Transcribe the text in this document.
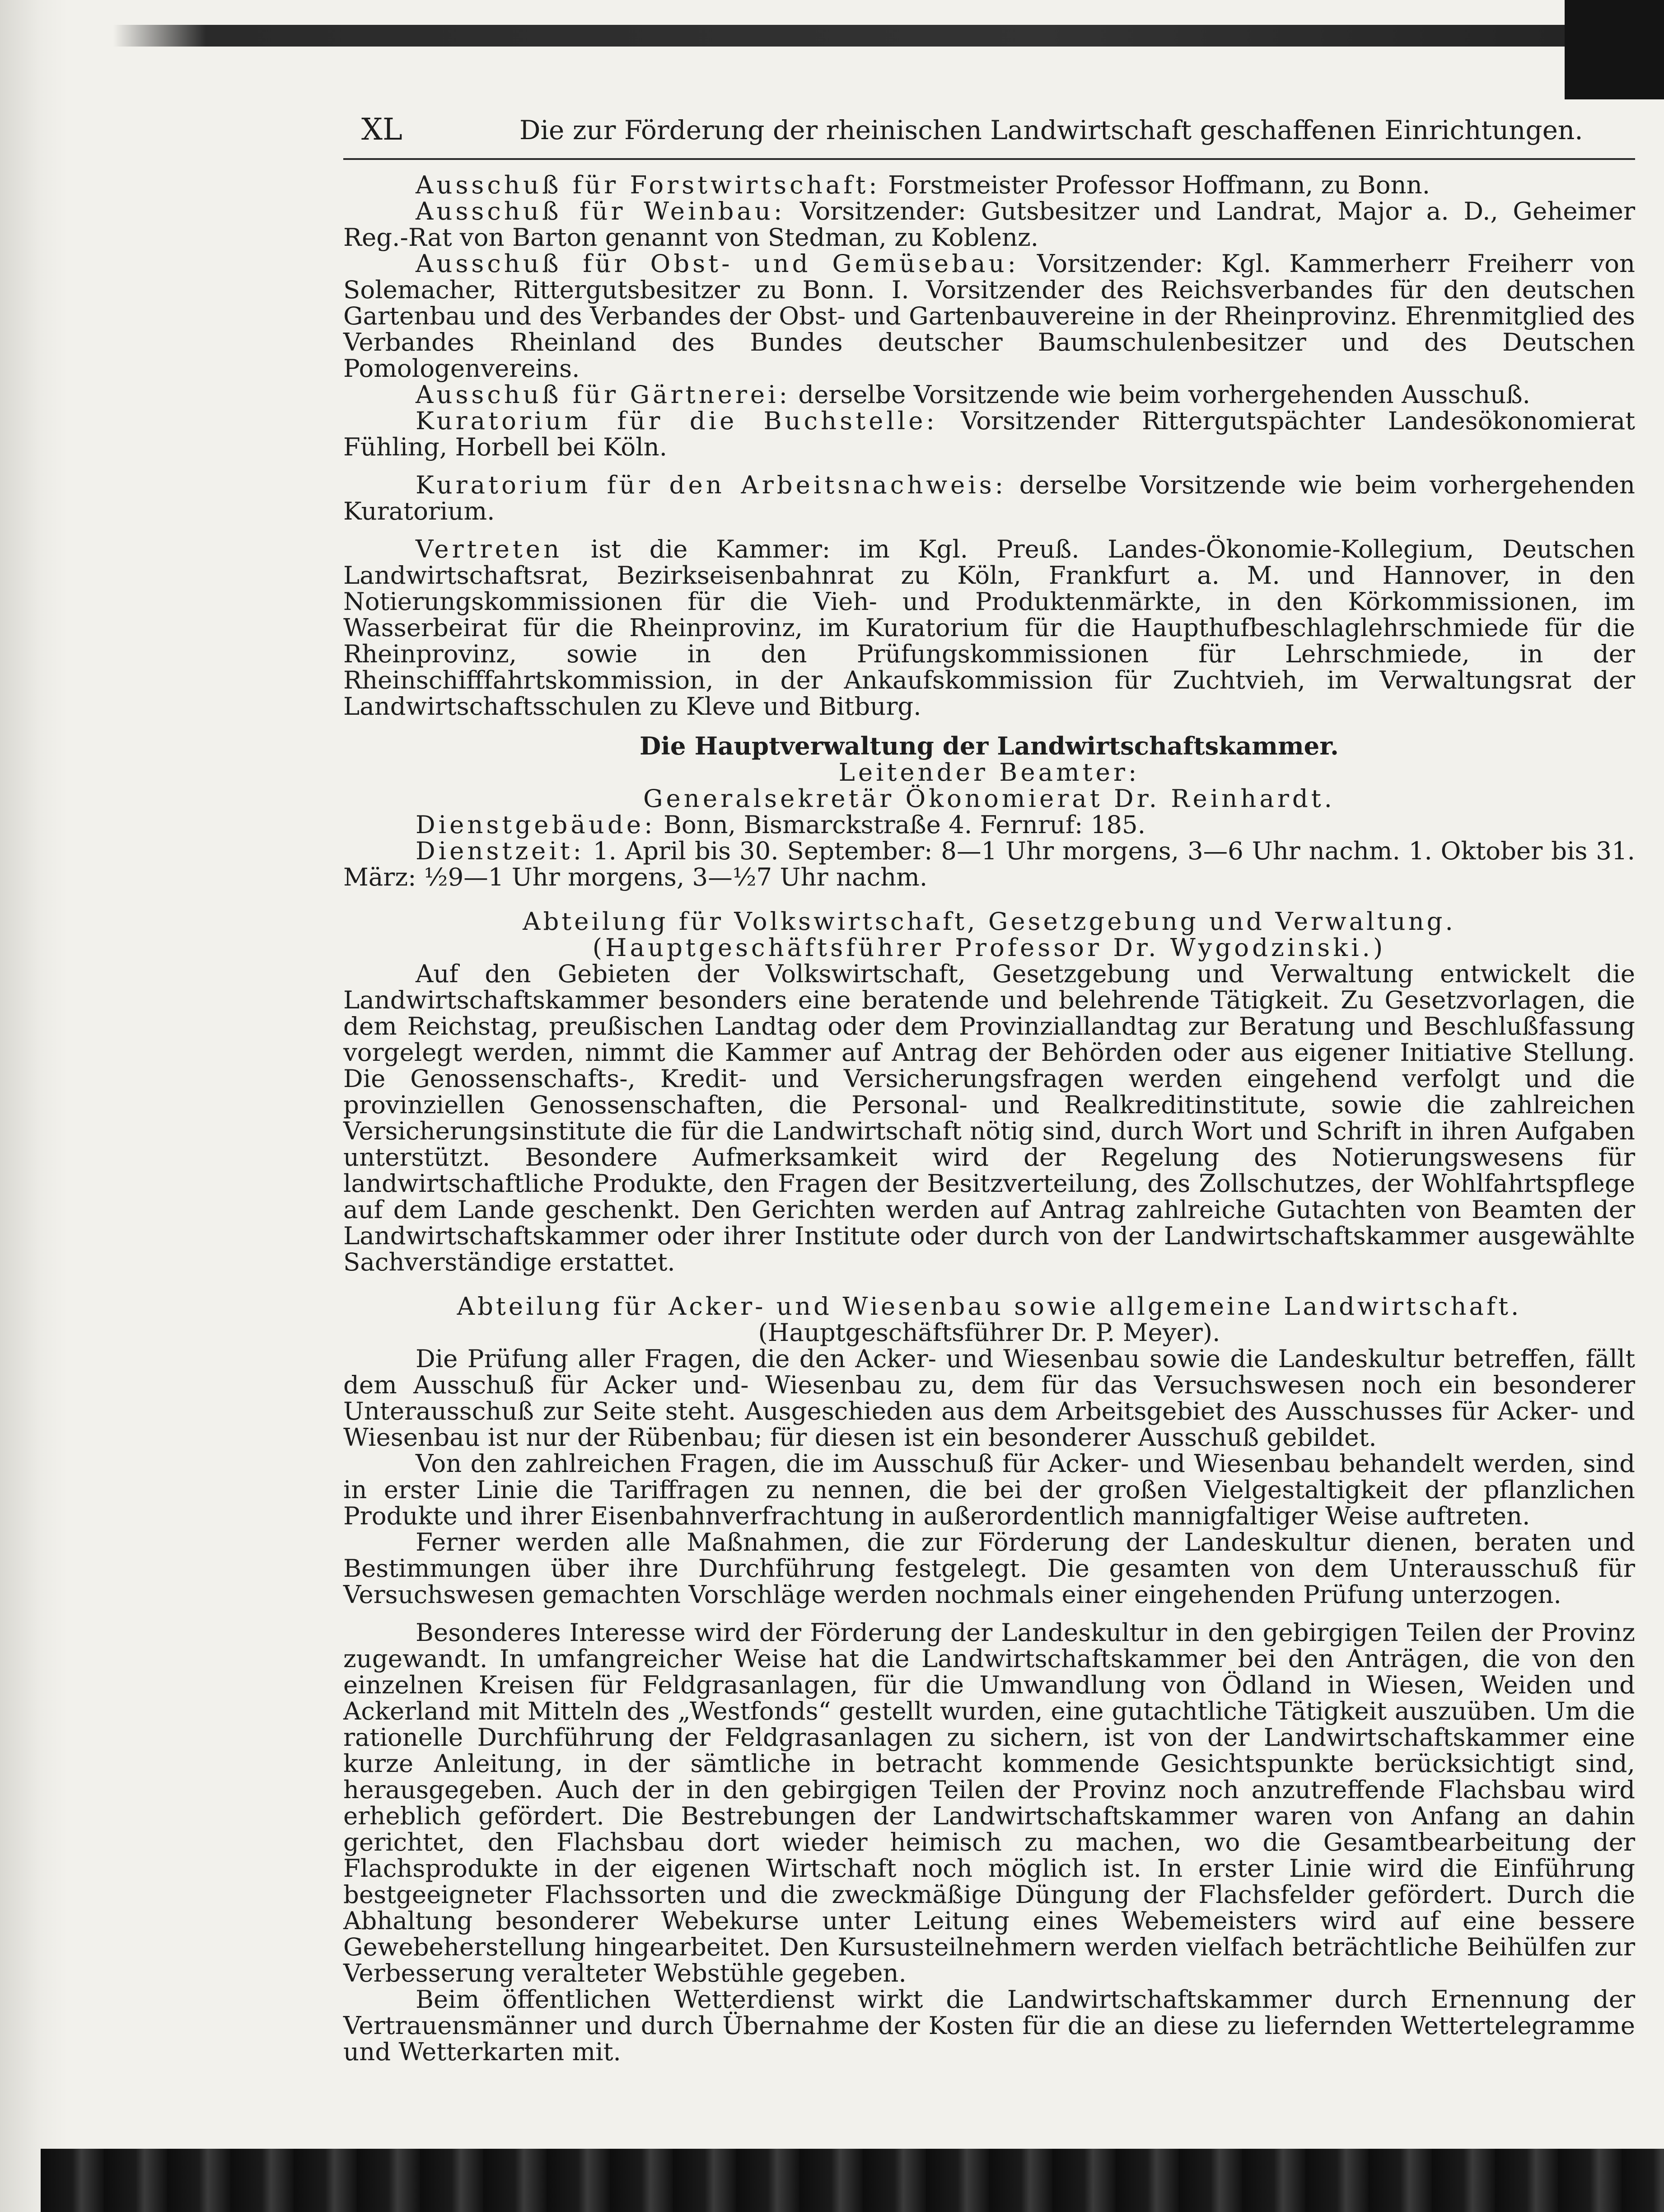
XL	Die zur Förderung der rheinischen Landwirtschaft geschaffenen Einrichtungen.

Ausschuß für Forstwirtschaft: Forstmeister Professor Hoffmann, zu Bonn.

Ausschuß für Weinbau: Vorsitzender: Gutsbesitzer und Landrat, Major a. D., Geheimer Reg.-Rat von Barton genannt von Stedman, zu Koblenz.

Ausschuß für Obst- und Gemüsebau: Vorsitzender: Kgl. Kammerherr Freiherr von Solemacher, Rittergutsbesitzer zu Bonn. I. Vorsitzender des Reichsverbandes für den deutschen Gartenbau und des Verbandes der Obst- und Gartenbauvereine in der Rheinprovinz. Ehrenmitglied des Verbandes Rheinland des Bundes deutscher Baumschulenbesitzer und des Deutschen Pomologenvereins.

Ausschuß für Gärtnerei: derselbe Vorsitzende wie beim vorhergehenden Ausschuß.

Kuratorium für die Buchstelle: Vorsitzender Rittergutspächter Landesökonomierat Fühling, Horbell bei Köln.

Kuratorium für den Arbeitsnachweis: derselbe Vorsitzende wie beim vorhergehenden Kuratorium.

Vertreten ist die Kammer: im Kgl. Preuß. Landes-Ökonomie-Kollegium, Deutschen Landwirtschaftsrat, Bezirkseisenbahnrat zu Köln, Frankfurt a. M. und Hannover, in den Notierungskommissionen für die Vieh- und Produktenmärkte, in den Körkommissionen, im Wasserbeirat für die Rheinprovinz, im Kuratorium für die Haupthufbeschlaglehrschmiede für die Rheinprovinz, sowie in den Prüfungskommissionen für Lehrschmiede, in der Rheinschifffahrtskommission, in der Ankaufskommission für Zuchtvieh, im Verwaltungsrat der Landwirtschaftsschulen zu Kleve und Bitburg.

Die Hauptverwaltung der Landwirtschaftskammer.

Leitender Beamter:

Generalsekretär Ökonomierat Dr. Reinhardt.

Dienstgebäude: Bonn, Bismarckstraße 4. Fernruf: 185.

Dienstzeit: 1. April bis 30. September: 8—1 Uhr morgens, 3—6 Uhr nachm. 1. Oktober bis 31. März: ½9—1 Uhr morgens, 3—½7 Uhr nachm.

Abteilung für Volkswirtschaft, Gesetzgebung und Verwaltung.

(Hauptgeschäftsführer Professor Dr. Wygodzinski.)

Auf den Gebieten der Volkswirtschaft, Gesetzgebung und Verwaltung entwickelt die Landwirtschaftskammer besonders eine beratende und belehrende Tätigkeit. Zu Gesetzvorlagen, die dem Reichstag, preußischen Landtag oder dem Provinziallandtag zur Beratung und Beschlußfassung vorgelegt werden, nimmt die Kammer auf Antrag der Behörden oder aus eigener Initiative Stellung. Die Genossenschafts-, Kredit- und Versicherungsfragen werden eingehend verfolgt und die provinziellen Genossenschaften, die Personal- und Realkreditinstitute, sowie die zahlreichen Versicherungsinstitute die für die Landwirtschaft nötig sind, durch Wort und Schrift in ihren Aufgaben unterstützt. Besondere Aufmerksamkeit wird der Regelung des Notierungswesens für landwirtschaftliche Produkte, den Fragen der Besitzverteilung, des Zollschutzes, der Wohlfahrtspflege auf dem Lande geschenkt. Den Gerichten werden auf Antrag zahlreiche Gutachten von Beamten der Landwirtschaftskammer oder ihrer Institute oder durch von der Landwirtschaftskammer ausgewählte Sachverständige erstattet.

Abteilung für Acker- und Wiesenbau sowie allgemeine Landwirtschaft.

(Hauptgeschäftsführer Dr. P. Meyer).

Die Prüfung aller Fragen, die den Acker- und Wiesenbau sowie die Landeskultur betreffen, fällt dem Ausschuß für Acker und- Wiesenbau zu, dem für das Versuchswesen noch ein besonderer Unterausschuß zur Seite steht. Ausgeschieden aus dem Arbeitsgebiet des Ausschusses für Acker- und Wiesenbau ist nur der Rübenbau; für diesen ist ein besonderer Ausschuß gebildet.

Von den zahlreichen Fragen, die im Ausschuß für Acker- und Wiesenbau behandelt werden, sind in erster Linie die Tariffragen zu nennen, die bei der großen Vielgestaltigkeit der pflanzlichen Produkte und ihrer Eisenbahnverfrachtung in außerordentlich mannigfaltiger Weise auftreten.

Ferner werden alle Maßnahmen, die zur Förderung der Landeskultur dienen, beraten und Bestimmungen über ihre Durchführung festgelegt. Die gesamten von dem Unterausschuß für Versuchswesen gemachten Vorschläge werden nochmals einer eingehenden Prüfung unterzogen.

Besonderes Interesse wird der Förderung der Landeskultur in den gebirgigen Teilen der Provinz zugewandt. In umfangreicher Weise hat die Landwirtschaftskammer bei den Anträgen, die von den einzelnen Kreisen für Feldgrasanlagen, für die Umwandlung von Ödland in Wiesen, Weiden und Ackerland mit Mitteln des „Westfonds“ gestellt wurden, eine gutachtliche Tätigkeit auszuüben. Um die rationelle Durchführung der Feldgrasanlagen zu sichern, ist von der Landwirtschaftskammer eine kurze Anleitung, in der sämtliche in betracht kommende Gesichtspunkte berücksichtigt sind, herausgegeben. Auch der in den gebirgigen Teilen der Provinz noch anzutreffende Flachsbau wird erheblich gefördert. Die Bestrebungen der Landwirtschaftskammer waren von Anfang an dahin gerichtet, den Flachsbau dort wieder heimisch zu machen, wo die Gesamtbearbeitung der Flachsprodukte in der eigenen Wirtschaft noch möglich ist. In erster Linie wird die Einführung bestgeeigneter Flachssorten und die zweckmäßige Düngung der Flachsfelder gefördert. Durch die Abhaltung besonderer Webekurse unter Leitung eines Webemeisters wird auf eine bessere Gewebeherstellung hingearbeitet. Den Kursusteilnehmern werden vielfach beträchtliche Beihülfen zur Verbesserung veralteter Webstühle gegeben.

Beim öffentlichen Wetterdienst wirkt die Landwirtschaftskammer durch Ernennung der Vertrauensmänner und durch Übernahme der Kosten für die an diese zu liefernden Wettertelegramme und Wetterkarten mit.
